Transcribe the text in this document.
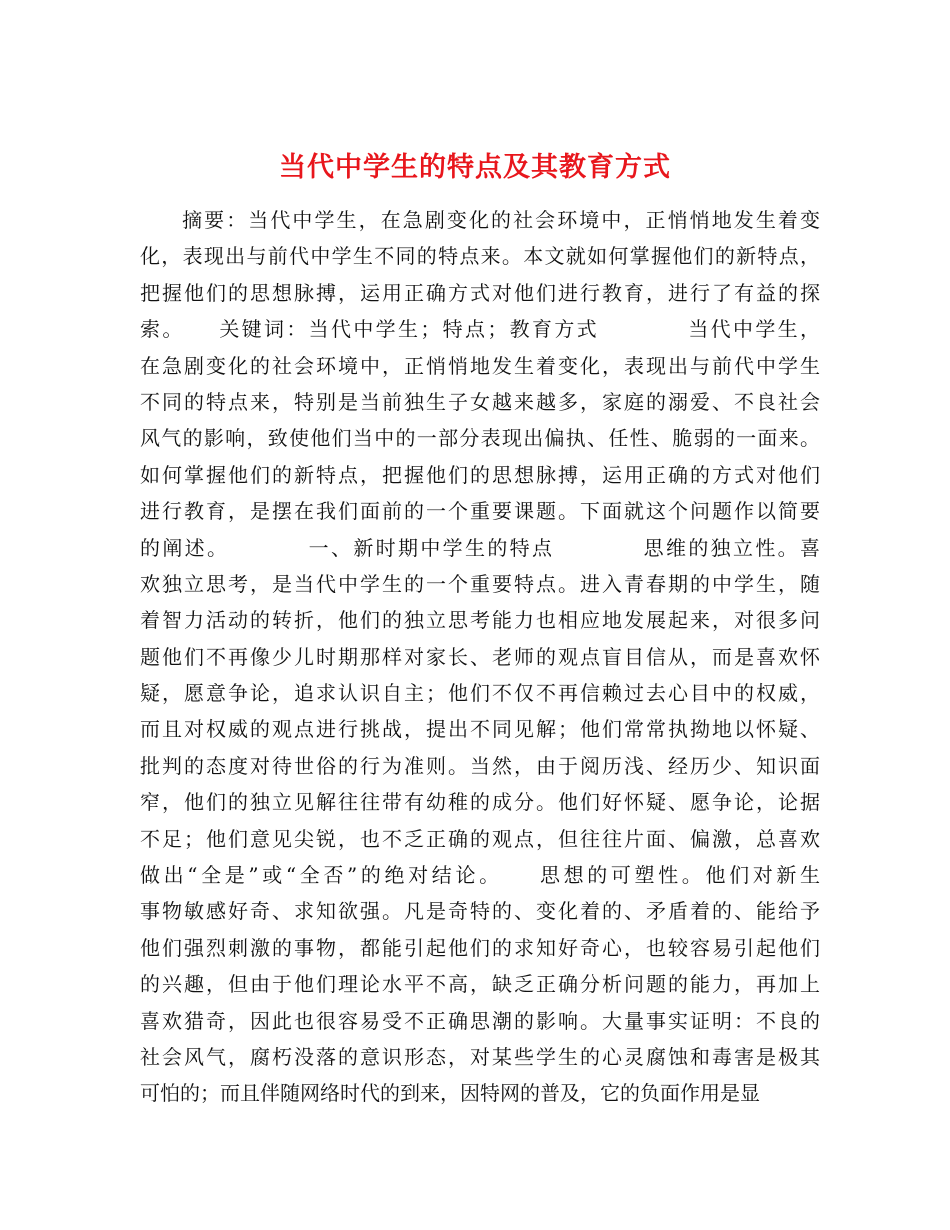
当代中学生的特点及其教育方式
摘要：当代中学生，在急剧变化的社会环境中，正悄悄地发生着变
化，表现出与前代中学生不同的特点来。本文就如何掌握他们的新特点，
把握他们的思想脉搏，运用正确方式对他们进行教育，进行了有益的探
索。　　关键词：当代中学生；特点；教育方式　　　　当代中学生，
在急剧变化的社会环境中，正悄悄地发生着变化，表现出与前代中学生
不同的特点来，特别是当前独生子女越来越多，家庭的溺爱、不良社会
风气的影响，致使他们当中的一部分表现出偏执、任性、脆弱的一面来。
如何掌握他们的新特点，把握他们的思想脉搏，运用正确的方式对他们
进行教育，是摆在我们面前的一个重要课题。下面就这个问题作以简要
的阐述。　　　　一、新时期中学生的特点　　　　思维的独立性。喜
欢独立思考，是当代中学生的一个重要特点。进入青春期的中学生，随
着智力活动的转折，他们的独立思考能力也相应地发展起来，对很多问
题他们不再像少儿时期那样对家长、老师的观点盲目信从，而是喜欢怀
疑，愿意争论，追求认识自主；他们不仅不再信赖过去心目中的权威，
而且对权威的观点进行挑战，提出不同见解；他们常常执拗地以怀疑、
批判的态度对待世俗的行为准则。当然，由于阅历浅、经历少、知识面
窄，他们的独立见解往往带有幼稚的成分。他们好怀疑、愿争论，论据
不足；他们意见尖锐，也不乏正确的观点，但往往片面、偏激，总喜欢
做出“全是”或“全否”的绝对结论。　　思想的可塑性。他们对新生
事物敏感好奇、求知欲强。凡是奇特的、变化着的、矛盾着的、能给予
他们强烈刺激的事物，都能引起他们的求知好奇心，也较容易引起他们
的兴趣，但由于他们理论水平不高，缺乏正确分析问题的能力，再加上
喜欢猎奇，因此也很容易受不正确思潮的影响。大量事实证明：不良的
社会风气，腐朽没落的意识形态，对某些学生的心灵腐蚀和毒害是极其
可怕的；而且伴随网络时代的到来，因特网的普及，它的负面作用是显
